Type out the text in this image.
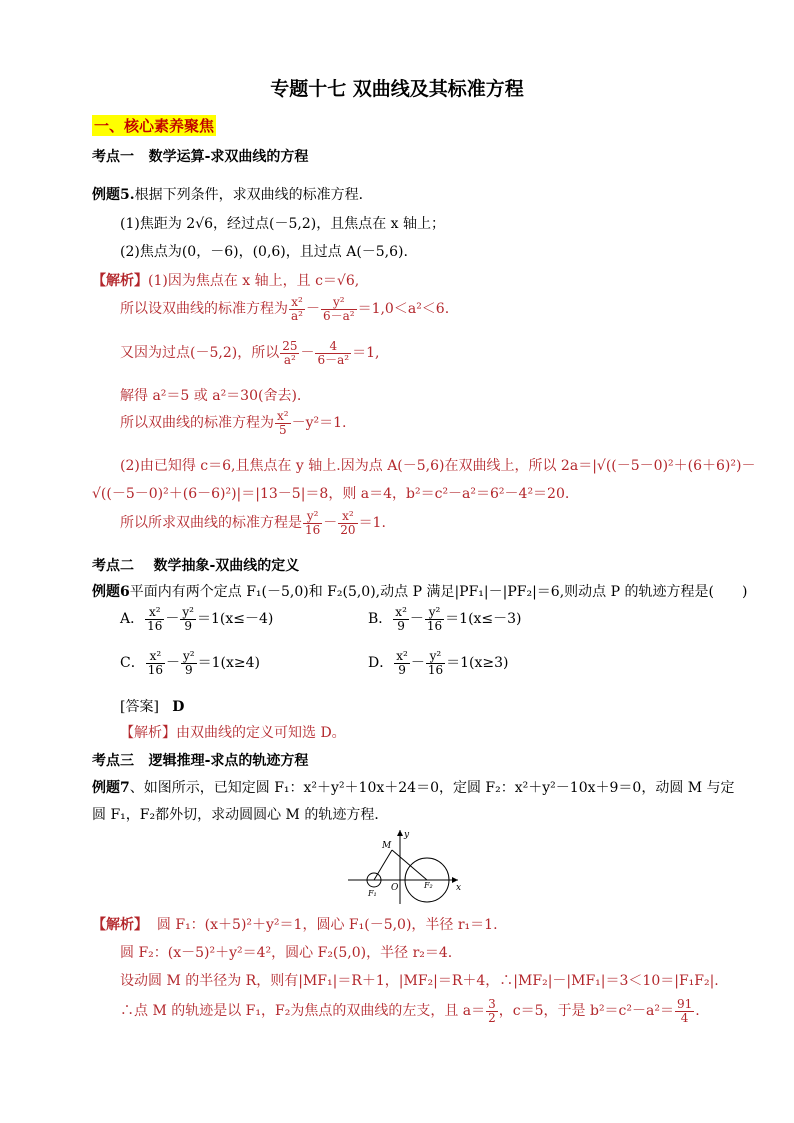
专题十七 双曲线及其标准方程
一、核心素养聚焦
考点一 数学运算-求双曲线的方程
例题5.根据下列条件，求双曲线的标准方程．
(1)焦距为 2√6，经过点(－5,2)，且焦点在 x 轴上；
(2)焦点为(0，－6)，(0,6)，且过点 A(－5,6).
【解析】(1)因为焦点在 x 轴上，且 c＝√6,
所以设双曲线的标准方程为 $\frac{\text{x²}}{\text{a²}} - \frac{\text{y²}}{\text{6－a²}} =1,0<a^2<6$.
又因为过点(－5,2)，所以 $\frac{25}{\text{a²}} - \frac{4}{\text{6－a²}} =1$,
解得 a²＝5 或 a²＝30(舍去).
所以双曲线的标准方程为 $\frac{\text{x²}}{5} -y^2=1$.
(2)由已知得 c＝6,且焦点在 y 轴上.因为点 A(－5,6)在双曲线上，所以 2a＝|√((－5－0)²＋(6＋6)²)－
√((－5－0)²＋(6－6)²)|＝|13－5|＝8，则 a＝4，b²＝c²－a²＝6²－4²＝20.
所以所求双曲线的标准方程是 $\frac{\text{y²}}{16} - \frac{\text{x²}}{20} =1$.
考点二 数学抽象-双曲线的定义
例题6平面内有两个定点 F₁(－5,0)和 F₂(5,0),动点 P 满足|PF₁|－|PF₂|＝6,则动点 P 的轨迹方程是(　　)
A． $\frac{\text{x²}}{16} - \frac{\text{y²}}{9} =1(x\le-4)$	B． $\frac{\text{x²}}{9} - \frac{\text{y²}}{16} =1(x\le-3)$
C． $\frac{\text{x²}}{16} - \frac{\text{y²}}{9} =1(x\ge 4)$	D． $\frac{\text{x²}}{9} - \frac{\text{y²}}{16} =1(x\ge 3)$
[答案] D
【解析】由双曲线的定义可知选 D。
考点三 逻辑推理-求点的轨迹方程
例题7、如图所示，已知定圆 F₁：x²＋y²＋10x＋24＝0，定圆 F₂：x²＋y²－10x＋9＝0，动圆 M 与定
圆 F₁，F₂都外切，求动圆圆心 M 的轨迹方程．
M
y
x
O
F₁
F₂
【解析】 圆 F₁：(x＋5)²＋y²＝1，圆心 F₁(－5,0)，半径 r₁＝1.
圆 F₂：(x－5)²＋y²＝4²，圆心 F₂(5,0)，半径 r₂＝4.
设动圆 M 的半径为 R，则有|MF₁|＝R＋1，|MF₂|＝R＋4，∴|MF₂|－|MF₁|＝3＜10＝|F₁F₂|.
∴点 M 的轨迹是以 F₁，F₂为焦点的双曲线的左支，且 $a= \frac{3}{2}$ ，c＝5，于是 $b^2=c^2-a^2= \frac{91}{4}$ .
